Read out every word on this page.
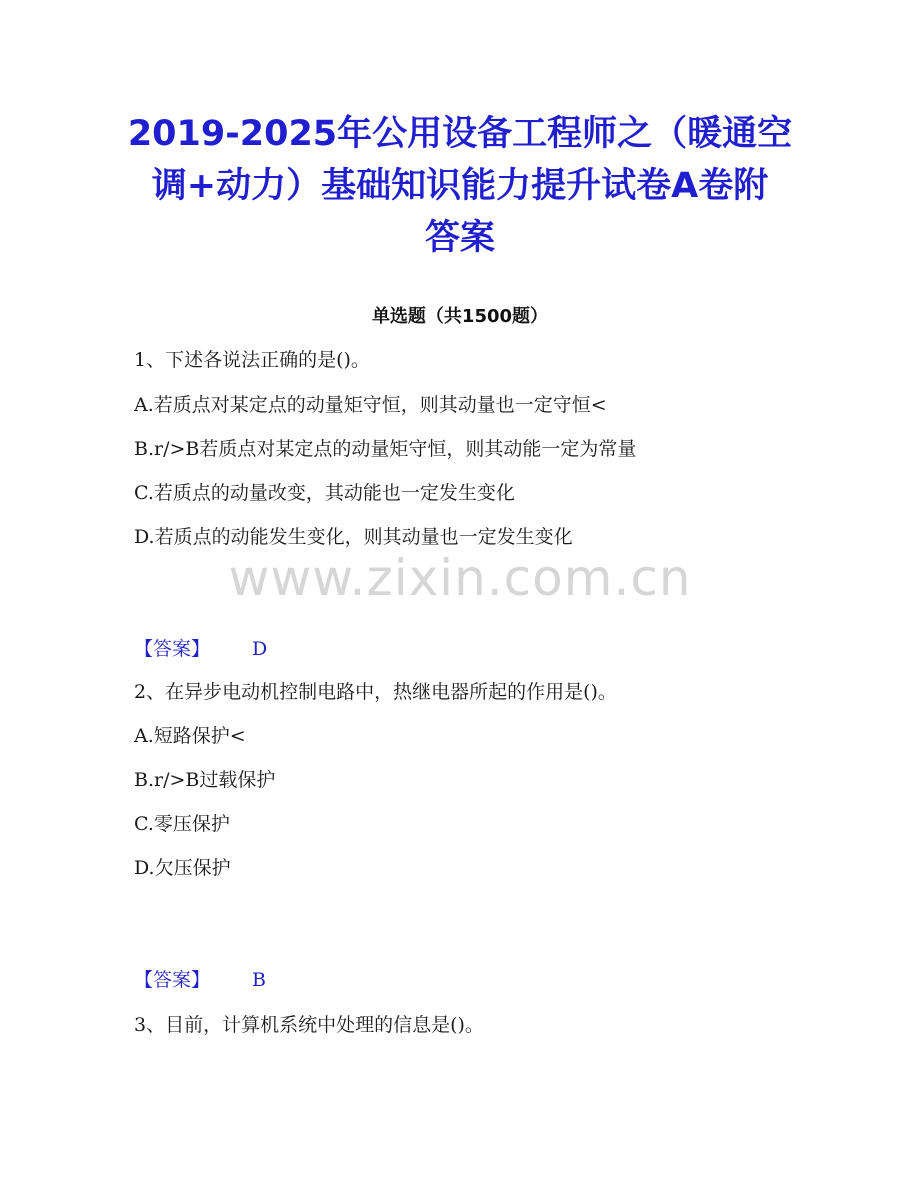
2019-2025年公用设备工程师之（暖通空
调+动力）基础知识能力提升试卷A卷附
答案
单选题（共1500题）
1、下述各说法正确的是()。
A.若质点对某定点的动量矩守恒，则其动量也一定守恒<
B.r/>B若质点对某定点的动量矩守恒，则其动能一定为常量
C.若质点的动量改变，其动能也一定发生变化
D.若质点的动能发生变化，则其动量也一定发生变化
www.zixin.com.cn
【答案】 D
2、在异步电动机控制电路中，热继电器所起的作用是()。
A.短路保护<
B.r/>B过载保护
C.零压保护
D.欠压保护
【答案】 B
3、目前，计算机系统中处理的信息是()。
